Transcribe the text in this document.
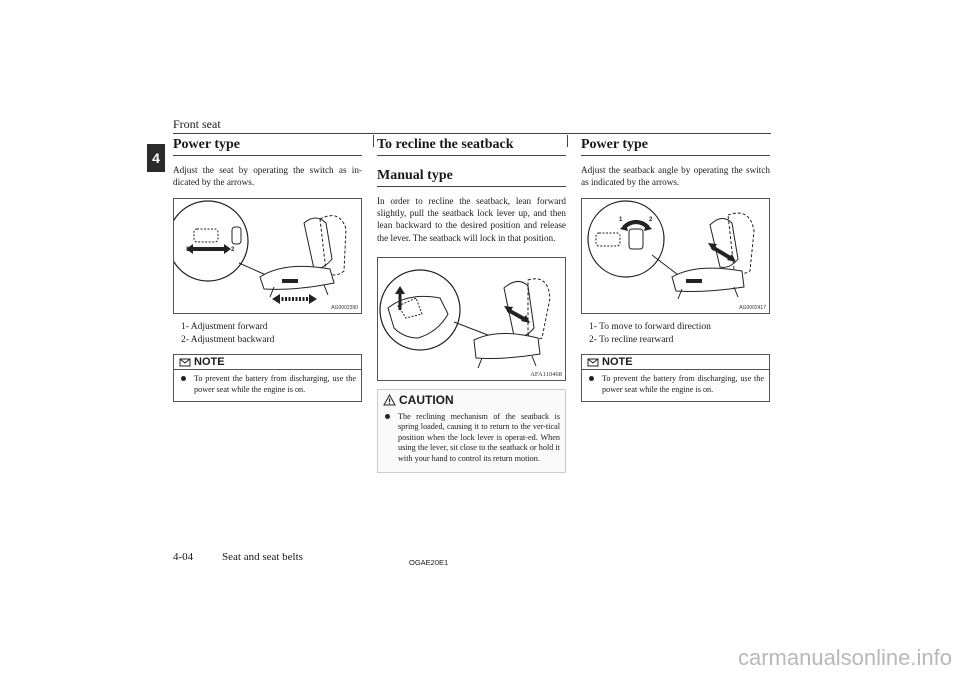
Front seat
4
Power type

Adjust the seat by operating the switch as in-dicated by the arrows.

1	2
AG0002390
1- Adjustment forward
2- Adjustment backward
NOTE
To prevent the battery from discharging, use the power seat while the engine is on.
To recline the seatback
Manual type

In order to recline the seatback, lean forward slightly, pull the seatback lock lever up, and then lean backward to the desired position and release the lever. The seatback will lock in that position.

AFA110468
CAUTION
The reclining mechanism of the seatback is spring loaded, causing it to return to the ver-tical position when the lock lever is operat-ed. When using the lever, sit close to the seatback or hold it with your hand to control its return motion.
Power type

Adjust the seatback angle by operating the switch as indicated by the arrows.

1	2
AG0002417
1- To move to forward direction
2- To recline rearward
NOTE
To prevent the battery from discharging, use the power seat while the engine is on.
4-04	Seat and seat belts	OGAE20E1
carmanualsonline.info
